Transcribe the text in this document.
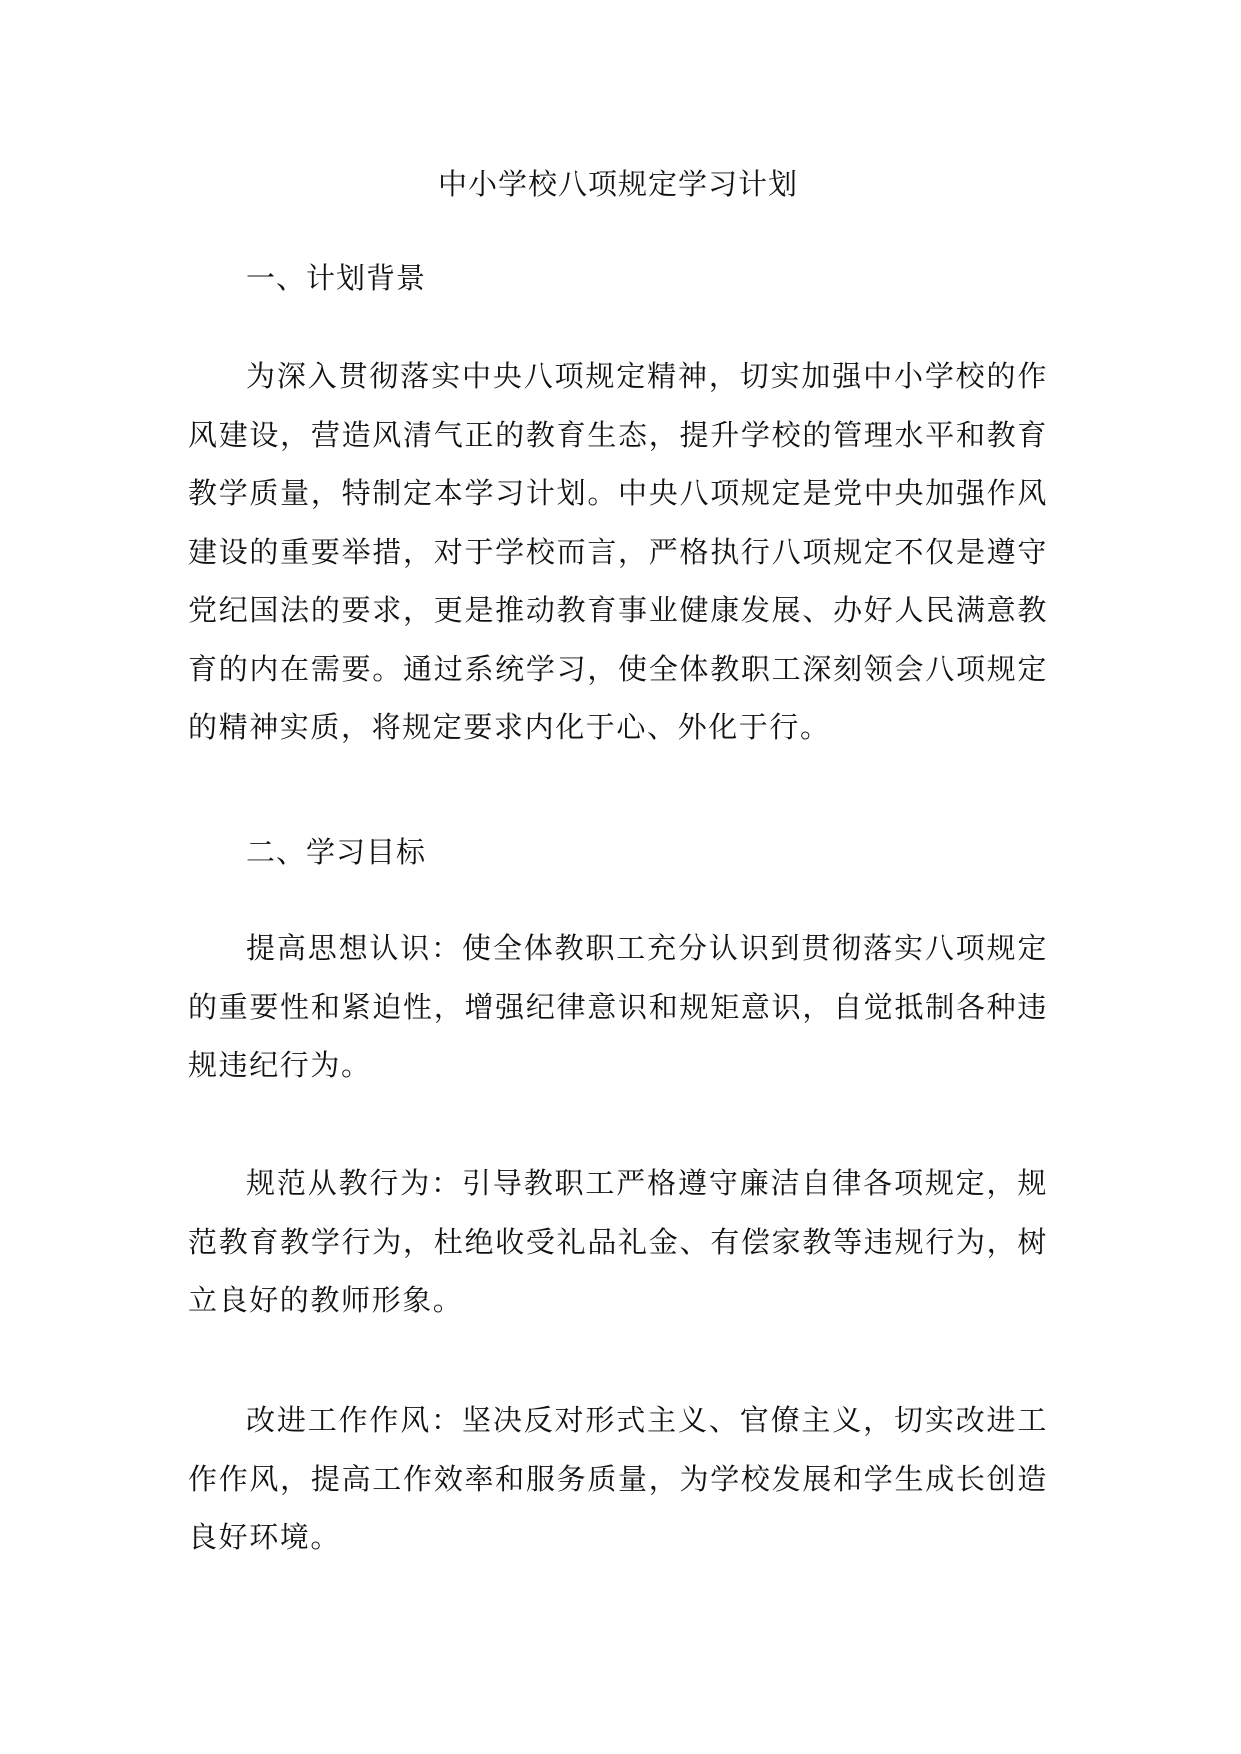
中小学校八项规定学习计划
一、计划背景
为深入贯彻落实中央八项规定精神，切实加强中小学校的作风建设，营造风清气正的教育生态，提升学校的管理水平和教育教学质量，特制定本学习计划。中央八项规定是党中央加强作风建设的重要举措，对于学校而言，严格执行八项规定不仅是遵守党纪国法的要求，更是推动教育事业健康发展、办好人民满意教育的内在需要。通过系统学习，使全体教职工深刻领会八项规定的精神实质，将规定要求内化于心、外化于行。
二、学习目标
提高思想认识：使全体教职工充分认识到贯彻落实八项规定的重要性和紧迫性，增强纪律意识和规矩意识，自觉抵制各种违规违纪行为。
规范从教行为：引导教职工严格遵守廉洁自律各项规定，规范教育教学行为，杜绝收受礼品礼金、有偿家教等违规行为，树立良好的教师形象。
改进工作作风：坚决反对形式主义、官僚主义，切实改进工作作风，提高工作效率和服务质量，为学校发展和学生成长创造良好环境。
